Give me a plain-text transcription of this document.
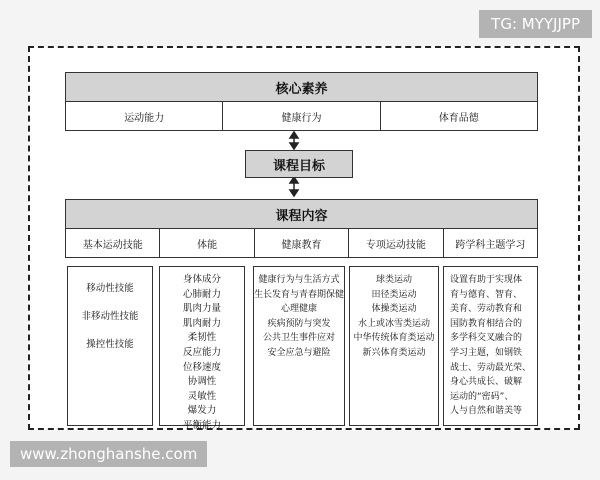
核心素养
运动能力	健康行为	体育品德
课程目标
课程内容
基本运动技能	体能	健康教育	专项运动技能	跨学科主题学习
移动性技能
非移动性技能
操控性技能
身体成分
心肺耐力
肌肉力量
肌肉耐力
柔韧性
反应能力
位移速度
协调性
灵敏性
爆发力
平衡能力
健康行为与生活方式
生长发育与青春期保健
心理健康
疾病预防与突发
公共卫生事件应对
安全应急与避险
球类运动
田径类运动
体操类运动
水上或冰雪类运动
中华传统体育类运动
新兴体育类运动
设置有助于实现体
育与德育、智育、
美育、劳动教育和
国防教育相结合的
多学科交叉融合的
学习主题，如钢铁
战士、劳动最光荣、
身心共成长、破解
运动的“密码”、
人与自然和谐美等
TG: MYYJJPP
www.zhonghanshe.com
